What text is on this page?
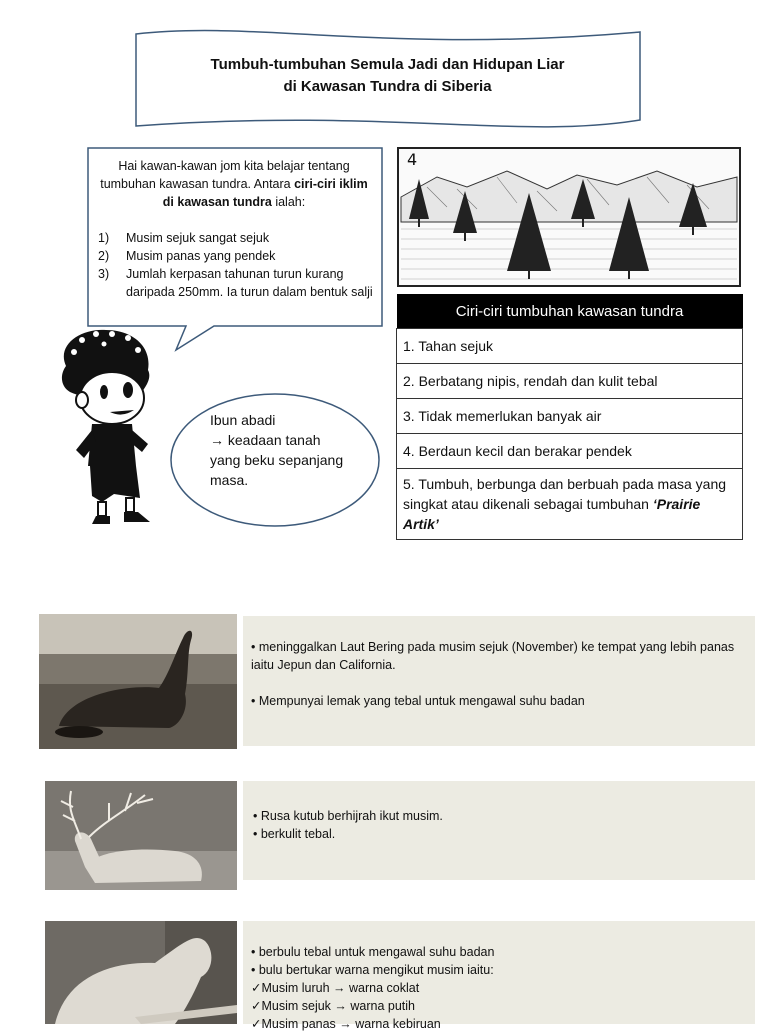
Tumbuh-tumbuhan Semula Jadi dan Hidupan Liar
di Kawasan Tundra di Siberia
Hai kawan-kawan jom kita belajar tentang tumbuhan kawasan tundra. Antara ciri-ciri iklim di kawasan tundra ialah:
1)	Musim sejuk sangat sejuk
2)	Musim panas yang pendek
3)	Jumlah kerpasan tahunan turun kurang daripada 250mm. Ia turun dalam bentuk salji
Ibun abadi
→ keadaan tanah yang beku sepanjang masa.
4
Ciri-ciri tumbuhan kawasan tundra
1. Tahan sejuk
2. Berbatang nipis, rendah dan kulit tebal
3. Tidak memerlukan banyak air
4. Berdaun kecil dan berakar pendek
5. Tumbuh, berbunga dan berbuah pada masa yang singkat atau dikenali sebagai tumbuhan ‘Prairie Artik’

• meninggalkan Laut Bering pada musim sejuk (November) ke tempat yang lebih panas iaitu Jepun dan California.

• Mempunyai lemak yang tebal untuk mengawal suhu badan

• Rusa kutub berhijrah ikut musim.

• berkulit tebal.

• berbulu tebal untuk mengawal suhu badan

• bulu bertukar warna mengikut musim iaitu:

✓Musim luruh → warna coklat

✓Musim sejuk → warna putih

✓Musim panas → warna kebiruan
